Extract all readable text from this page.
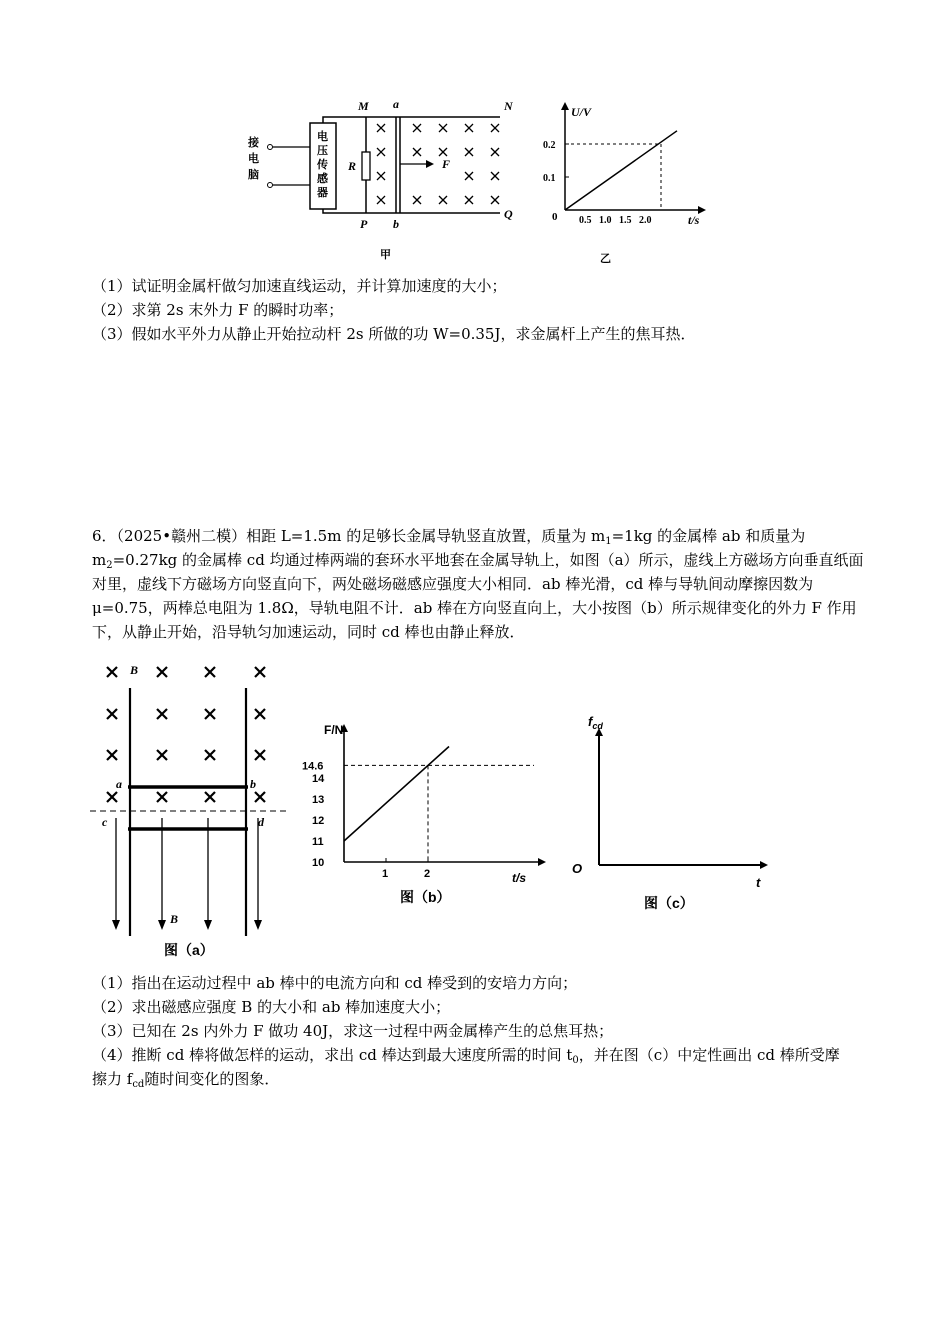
接
电
脑
电
压
传
感
器
M a	N
P b
Q
R	F
甲
U/V
t/s
0 0.5 1.0 1.5 2.0
0.1
0.2
乙
（1）试证明金属杆做匀加速直线运动，并计算加速度的大小；
（2）求第 2s 末外力 F 的瞬时功率；
（3）假如水平外力从静止开始拉动杆 2s 所做的功 W=0.35J，求金属杆上产生的焦耳热．
6．（2025•赣州二模）相距 L=1.5m 的足够长金属导轨竖直放置，质量为 $m_1=1kg$ 的金属棒 ab 和质量为
$m_2=0.27kg$ 的金属棒 cd 均通过棒两端的套环水平地套在金属导轨上，如图（a）所示，虚线上方磁场方向垂直纸面对里，虚线下方磁场方向竖直向下，两处磁场磁感应强度大小相同．ab 棒光滑，cd 棒与导轨间动摩擦因数为 μ=0.75，两棒总电阻为 1.8Ω，导轨电阻不计．ab 棒在方向竖直向上，大小按图（b）所示规律变化的外力 F 作用下，从静止开始，沿导轨匀加速运动，同时 cd 棒也由静止释放．
B
a	b
c	d
B
图（a）
F/N
t/s
10
11
12
13
14
14.6
1	2
图（b）
$f_{cd}$
O
t
图（c）
（1）指出在运动过程中 ab 棒中的电流方向和 cd 棒受到的安培力方向；
（2）求出磁感应强度 B 的大小和 ab 棒加速度大小；
（3）已知在 2s 内外力 F 做功 40J，求这一过程中两金属棒产生的总焦耳热；
（4）推断 cd 棒将做怎样的运动，求出 cd 棒达到最大速度所需的时间 $t_0$，并在图（c）中定性画出 cd 棒所受摩
擦力 $f_{cd}$随时间变化的图象．
